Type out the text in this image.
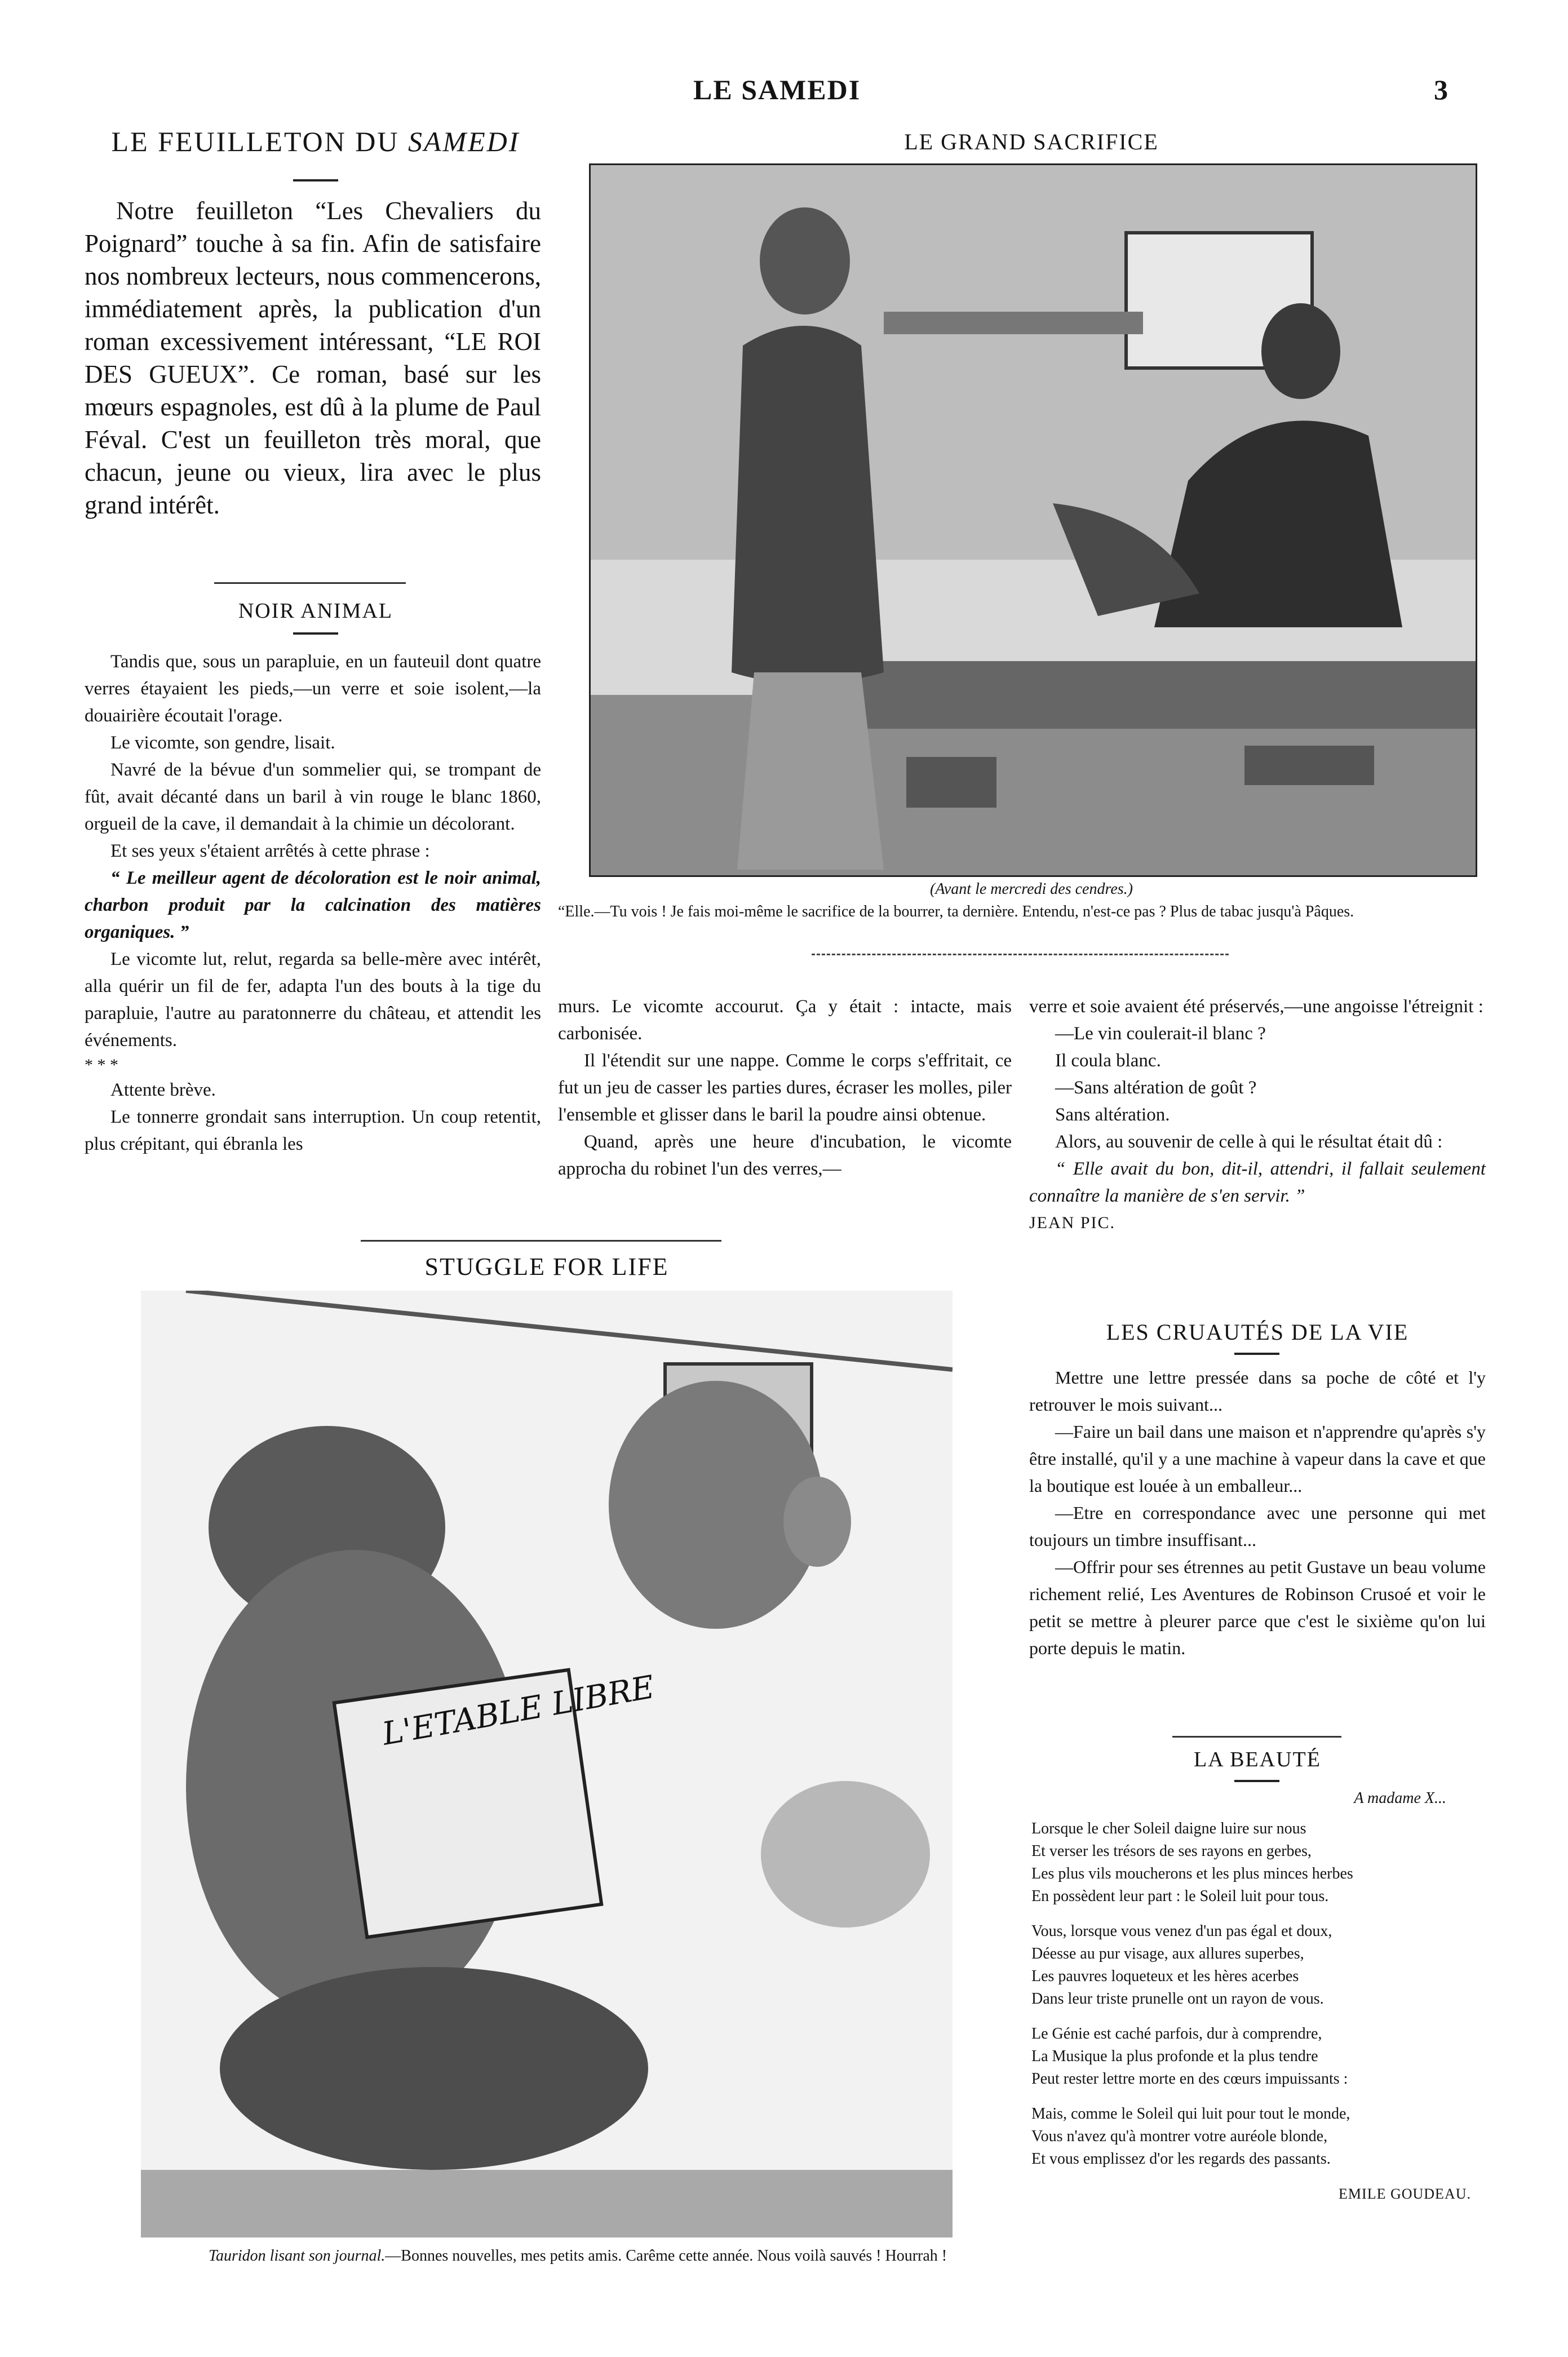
LE SAMEDI	3
LE FEUILLETON DU SAMEDI
Notre feuilleton “Les Chevaliers du Poignard” touche à sa fin. Afin de satisfaire nos nombreux lecteurs, nous commencerons, immédiatement après, la publication d'un roman excessivement intéressant, “LE ROI DES GUEUX”. Ce roman, basé sur les mœurs espagnoles, est dû à la plume de Paul Féval. C'est un feuilleton très moral, que chacun, jeune ou vieux, lira avec le plus grand intérêt.
NOIR ANIMAL

Tandis que, sous un parapluie, en un fauteuil dont quatre verres étayaient les pieds,—un verre et soie isolent,—la douairière écoutait l'orage.

Le vicomte, son gendre, lisait.

Navré de la bévue d'un sommelier qui, se trompant de fût, avait décanté dans un baril à vin rouge le blanc 1860, orgueil de la cave, il demandait à la chimie un décolorant.

Et ses yeux s'étaient arrêtés à cette phrase :

“ Le meilleur agent de décoloration est le noir animal, charbon produit par la calcination des matières organiques. ”

Le vicomte lut, relut, regarda sa belle-mère avec intérêt, alla quérir un fil de fer, adapta l'un des bouts à la tige du parapluie, l'autre au paratonnerre du château, et attendit les événements.

* * *

Attente brève.

Le tonnerre grondait sans interruption. Un coup retentit, plus crépitant, qui ébranla les

LE GRAND SACRIFICE
(Avant le mercredi des cendres.)
“Elle.—Tu vois ! Je fais moi-même le sacrifice de la bourrer, ta dernière. Entendu, n'est-ce pas ? Plus de tabac jusqu'à Pâques.

murs. Le vicomte accourut. Ça y était : intacte, mais carbonisée.

Il l'étendit sur une nappe. Comme le corps s'effritait, ce fut un jeu de casser les parties dures, écraser les molles, piler l'ensemble et glisser dans le baril la poudre ainsi obtenue.

Quand, après une heure d'incubation, le vicomte approcha du robinet l'un des verres,—

verre et soie avaient été préservés,—une angoisse l'étreignit :

—Le vin coulerait-il blanc ?

Il coula blanc.

—Sans altération de goût ?

Sans altération.

Alors, au souvenir de celle à qui le résultat était dû :

“ Elle avait du bon, dit-il, attendri, il fallait seulement connaître la manière de s'en servir. ”

JEAN PIC.

STUGGLE FOR LIFE
L'ETABLE LIBRE
Tauridon lisant son journal.—Bonnes nouvelles, mes petits amis. Carême cette année. Nous voilà sauvés ! Hourrah !
LES CRUAUTÉS DE LA VIE

Mettre une lettre pressée dans sa poche de côté et l'y retrouver le mois suivant...

—Faire un bail dans une maison et n'apprendre qu'après s'y être installé, qu'il y a une machine à vapeur dans la cave et que la boutique est louée à un emballeur...

—Etre en correspondance avec une personne qui met toujours un timbre insuffisant...

—Offrir pour ses étrennes au petit Gustave un beau volume richement relié, Les Aventures de Robinson Crusoé et voir le petit se mettre à pleurer parce que c'est le sixième qu'on lui porte depuis le matin.

LA BEAUTÉ
A madame X...

Lorsque le cher Soleil daigne luire sur nous

Et verser les trésors de ses rayons en gerbes,

Les plus vils moucherons et les plus minces herbes

En possèdent leur part : le Soleil luit pour tous.

Vous, lorsque vous venez d'un pas égal et doux,

Déesse au pur visage, aux allures superbes,

Les pauvres loqueteux et les hères acerbes

Dans leur triste prunelle ont un rayon de vous.

Le Génie est caché parfois, dur à comprendre,

La Musique la plus profonde et la plus tendre

Peut rester lettre morte en des cœurs impuissants :

Mais, comme le Soleil qui luit pour tout le monde,

Vous n'avez qu'à montrer votre auréole blonde,

Et vous emplissez d'or les regards des passants.

EMILE GOUDEAU.
